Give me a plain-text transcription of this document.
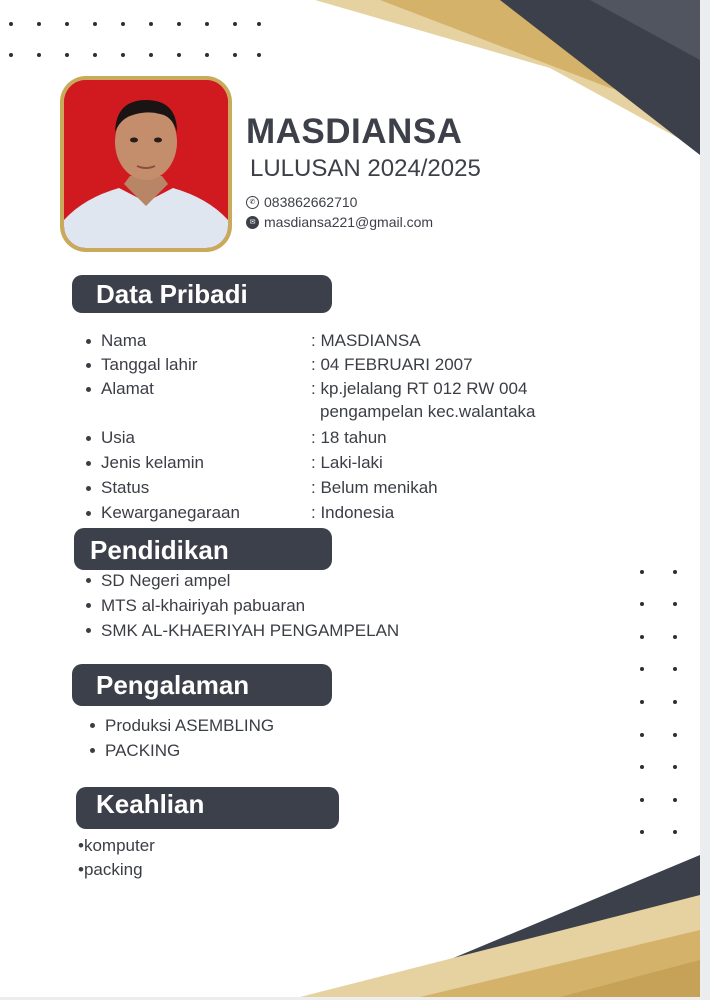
MASDIANSA
LULUSAN 2024/2025
✆ 083862662710
✉ masdiansa221@gmail.com
Data Pribadi
Nama	: MASDIANSA
Tanggal lahir	: 04 FEBRUARI 2007
Alamat	: kp.jelalang RT 012 RW 004
pengampelan kec.walantaka
Usia	: 18 tahun
Jenis kelamin	: Laki-laki
Status	: Belum menikah
Kewarganegaraan	: Indonesia
Pendidikan
SD Negeri ampel
MTS al-khairiyah pabuaran
SMK AL-KHAERIYAH PENGAMPELAN
Pengalaman
Produksi ASEMBLING
PACKING
Keahlian
•komputer
•packing
